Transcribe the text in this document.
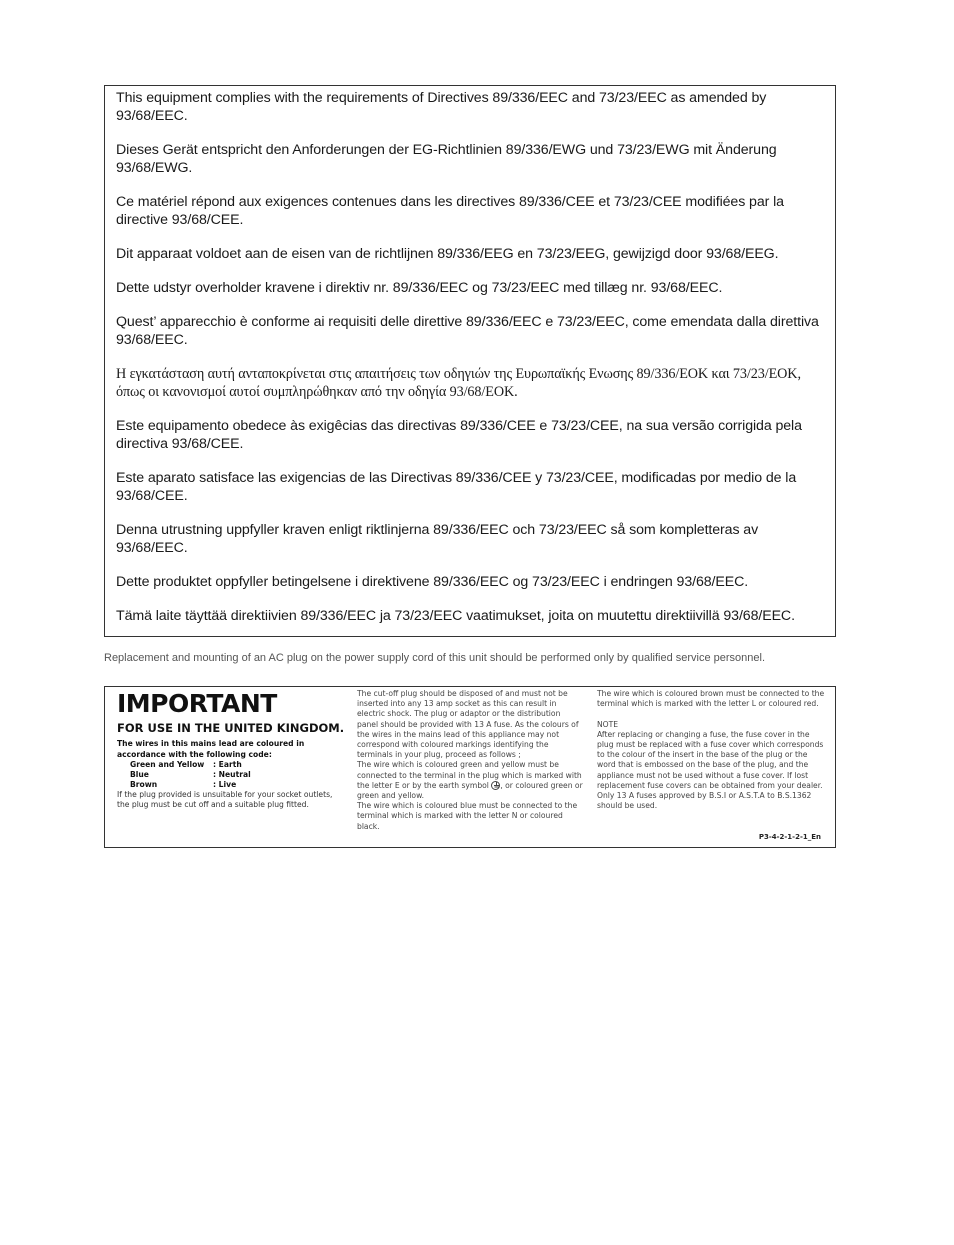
This equipment complies with the requirements of Directives 89/336/EEC and 73/23/EEC as amended by 93/68/EEC.

Dieses Gerät entspricht den Anforderungen der EG-Richtlinien 89/336/EWG und 73/23/EWG mit Änderung 93/68/EWG.

Ce matériel répond aux exigences contenues dans les directives 89/336/CEE et 73/23/CEE modifiées par la directive 93/68/CEE.

Dit apparaat voldoet aan de eisen van de richtlijnen 89/336/EEG en 73/23/EEG, gewijzigd door 93/68/EEG.

Dette udstyr overholder kravene i direktiv nr. 89/336/EEC og 73/23/EEC med tillæg nr. 93/68/EEC.

Quest’ apparecchio è conforme ai requisiti delle direttive 89/336/EEC e 73/23/EEC, come emendata dalla direttiva 93/68/EEC.

Η εγκατάσταση αυτή ανταποκρίνεται στις απαιτήσεις των οδηγιών της Ευρωπαϊκής Ενωσης 89/336/ΕΟΚ και 73/23/ΕΟΚ, όπως οι κανονισμοί αυτοί συμπληρώθηκαν από την οδηγία 93/68/ΕΟΚ.

Este equipamento obedece às exigêcias das directivas 89/336/CEE e 73/23/CEE, na sua versão corrigida pela directiva 93/68/CEE.

Este aparato satisface las exigencias de las Directivas 89/336/CEE y 73/23/CEE, modificadas por medio de la 93/68/CEE.

Denna utrustning uppfyller kraven enligt riktlinjerna 89/336/EEC och 73/23/EEC så som kompletteras av 93/68/EEC.

Dette produktet oppfyller betingelsene i direktivene 89/336/EEC og 73/23/EEC i endringen 93/68/EEC.

Tämä laite täyttää direktiivien 89/336/EEC ja 73/23/EEC vaatimukset, joita on muutettu direktiivillä 93/68/EEC.

Replacement and mounting of an AC plug on the power supply cord of this unit should be performed only by qualified service personnel.

IMPORTANT
FOR USE IN THE UNITED KINGDOM.

The wires in this mains lead are coloured in accordance with the following code:

Green and Yellow	: Earth
Blue	: Neutral
Brown	: Live

If the plug provided is unsuitable for your socket outlets, the plug must be cut off and a suitable plug fitted.

The cut-off plug should be disposed of and must not be inserted into any 13 amp socket as this can result in electric shock. The plug or adaptor or the distribution panel should be provided with 13 A fuse. As the colours of the wires in the mains lead of this appliance may not correspond with coloured markings identifying the terminals in your plug, proceed as follows ;
The wire which is coloured green and yellow must be connected to the terminal in the plug which is marked with the letter E or by the earth symbol , or coloured green or green and yellow.
The wire which is coloured blue must be connected to the terminal which is marked with the letter N or coloured black.

The wire which is coloured brown must be connected to the terminal which is marked with the letter L or coloured red.

NOTE
After replacing or changing a fuse, the fuse cover in the plug must be replaced with a fuse cover which corresponds to the colour of the insert in the base of the plug or the word that is embossed on the base of the plug, and the appliance must not be used without a fuse cover. If lost replacement fuse covers can be obtained from your dealer.
Only 13 A fuses approved by B.S.I or A.S.T.A to B.S.1362 should be used.

P3-4-2-1-2-1_En
